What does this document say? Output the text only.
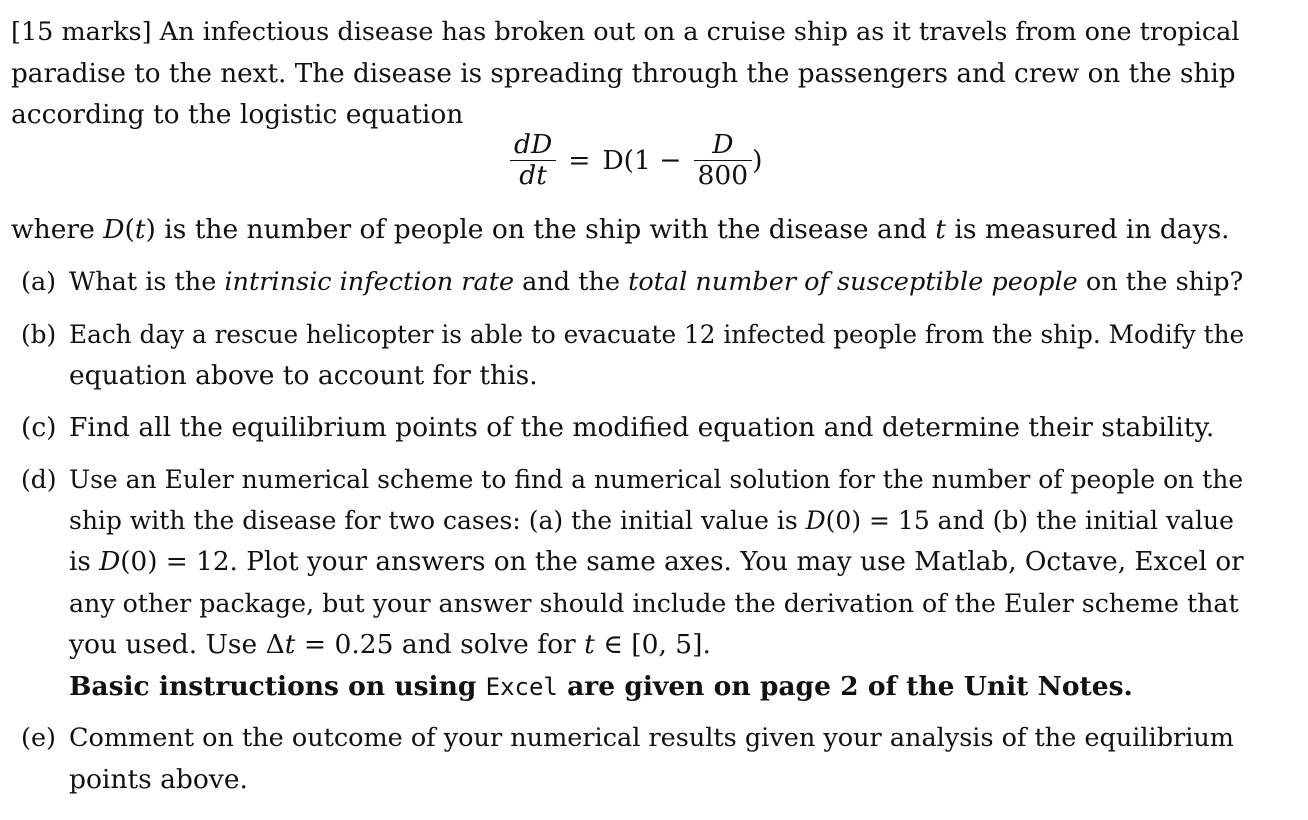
[15 marks] An infectious disease has broken out on a cruise ship as it travels from one tropical
paradise to the next. The disease is spreading through the passengers and crew on the ship
according to the logistic equation
$\frac{dD}{dt} = D(1 - \frac{D}{800}$ )
where D(t) is the number of people on the ship with the disease and t is measured in days.
(a) What is the intrinsic infection rate and the total number of susceptible people on the ship?
(b) Each day a rescue helicopter is able to evacuate 12 infected people from the ship. Modify the
equation above to account for this.
(c) Find all the equilibrium points of the modified equation and determine their stability.
(d) Use an Euler numerical scheme to find a numerical solution for the number of people on the
ship with the disease for two cases: (a) the initial value is D(0) = 15 and (b) the initial value
is D(0) = 12. Plot your answers on the same axes. You may use Matlab, Octave, Excel or
any other package, but your answer should include the derivation of the Euler scheme that
you used. Use Δt = 0.25 and solve for t ∈ [0, 5].
Basic instructions on using Excel are given on page 2 of the Unit Notes.
(e) Comment on the outcome of your numerical results given your analysis of the equilibrium
points above.
